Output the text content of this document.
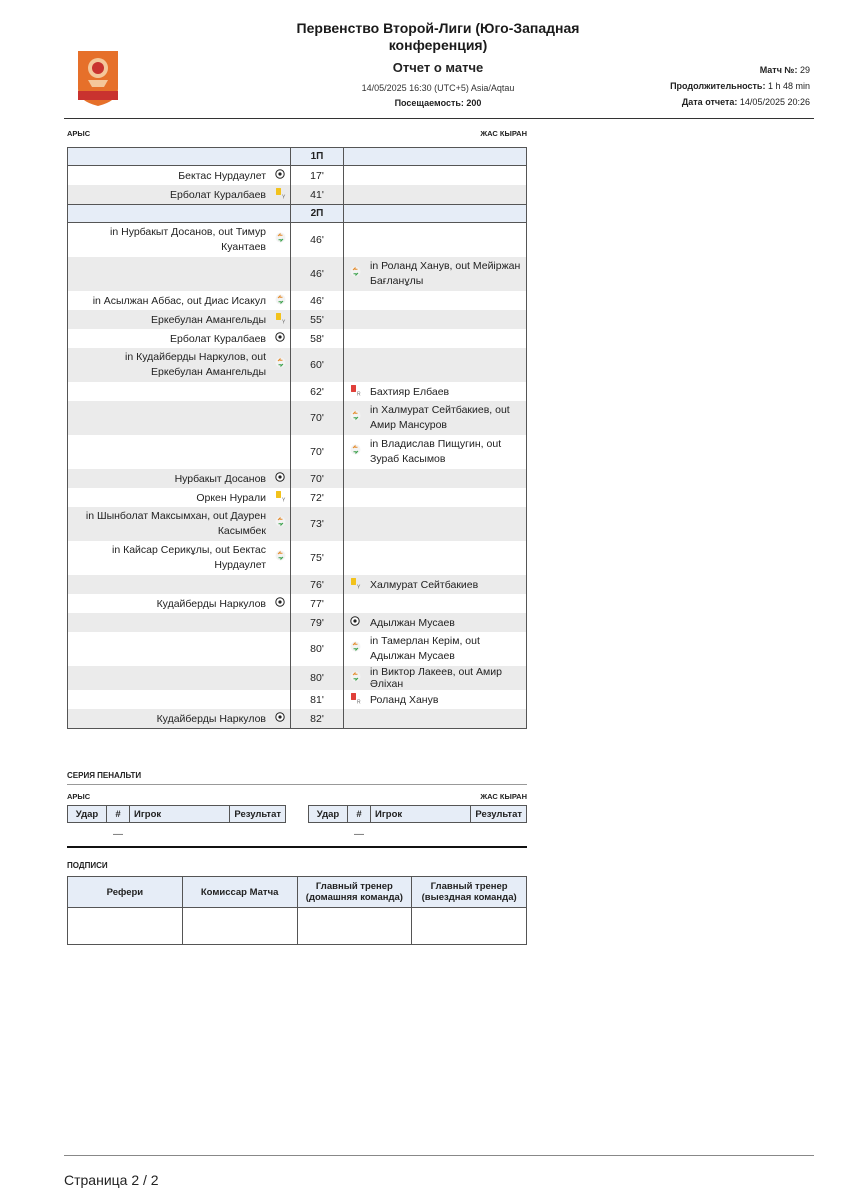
Первенство Второй-Лиги (Юго-Западная конференция)
Отчет о матче
14/05/2025 16:30 (UTC+5) Asia/Aqtau
Посещаемость: 200
Матч №: 29
Продолжительность: 1 h 48 min
Дата отчета: 14/05/2025 20:26
АРЫС	ЖАС КЫРАН
		1П		
Бектас Нурдаулет		17'		
Ерболат Куралбаев	Y	41'		
		2П		
in Нурбакыт Досанов, out Тимур Куантаев		46'		
		46'		in Роланд Ханув, out Мейіржан Бағланұлы
in Асылжан Аббас, out Диас Исакул		46'		
Еркебулан Амангельды	Y	55'		
Ерболат Куралбаев		58'		
in Кудайберды Наркулов, out Еркебулан Амангельды		60'		
		62'	R	Бахтияр Елбаев
		70'		in Халмурат Сейтбакиев, out Амир Мансуров
		70'		in Владислав Пищугин, out Зураб Касымов
Нурбакыт Досанов		70'		
Оркен Нурали	Y	72'		
in Шынболат Максымхан, out Даурен Касымбек		73'		
in Кайсар Серикұлы, out Бектас Нурдаулет		75'		
		76'	Y	Халмурат Сейтбакиев
Кудайберды Наркулов		77'		
		79'		Адылжан Мусаев
		80'		in Тамерлан Керім, out Адылжан Мусаев
		80'		in Виктор Лакеев, out Амир Әліхан
		81'	R	Роланд Ханув
Кудайберды Наркулов		82'		
СЕРИЯ ПЕНАЛЬТИ
АРЫС	ЖАС КЫРАН
Удар	#	Игрок	Результат
	—		
Удар	#	Игрок	Результат
	—		
ПОДПИСИ
Рефери	Комиссар Матча	Главный тренер (домашняя команда)	Главный тренер (выездная команда)

Страница 2 / 2
